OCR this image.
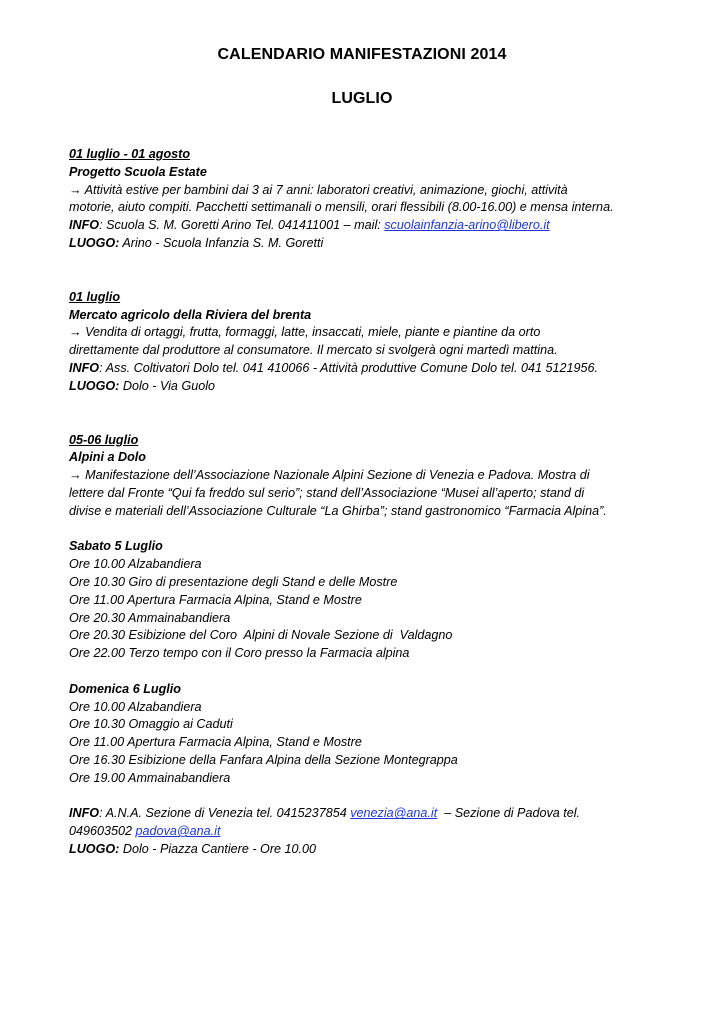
CALENDARIO MANIFESTAZIONI 2014
LUGLIO
01 luglio - 01 agosto
Progetto Scuola Estate
→ Attività estive per bambini dai 3 ai 7 anni: laboratori creativi, animazione, giochi, attività
motorie, aiuto compiti. Pacchetti settimanali o mensili, orari flessibili (8.00-16.00) e mensa interna.
INFO: Scuola S. M. Goretti Arino Tel. 041411001 – mail: scuolainfanzia-arino@libero.it
LUOGO: Arino - Scuola Infanzia S. M. Goretti
01 luglio
Mercato agricolo della Riviera del brenta
→ Vendita di ortaggi, frutta, formaggi, latte, insaccati, miele, piante e piantine da orto
direttamente dal produttore al consumatore. Il mercato si svolgerà ogni martedì mattina.
INFO: Ass. Coltivatori Dolo tel. 041 410066 - Attività produttive Comune Dolo tel. 041 5121956.
LUOGO: Dolo - Via Guolo
05-06 luglio
Alpini a Dolo
→ Manifestazione dell’Associazione Nazionale Alpini Sezione di Venezia e Padova. Mostra di
lettere dal Fronte “Qui fa freddo sul serio”; stand dell’Associazione “Musei all’aperto; stand di
divise e materiali dell’Associazione Culturale “La Ghirba”; stand gastronomico “Farmacia Alpina”.
Sabato 5 Luglio
Ore 10.00 Alzabandiera
Ore 10.30 Giro di presentazione degli Stand e delle Mostre
Ore 11.00 Apertura Farmacia Alpina, Stand e Mostre
Ore 20.30 Ammainabandiera
Ore 20.30 Esibizione del Coro  Alpini di Novale Sezione di  Valdagno
Ore 22.00 Terzo tempo con il Coro presso la Farmacia alpina
Domenica 6 Luglio
Ore 10.00 Alzabandiera
Ore 10.30 Omaggio ai Caduti
Ore 11.00 Apertura Farmacia Alpina, Stand e Mostre
Ore 16.30 Esibizione della Fanfara Alpina della Sezione Montegrappa
Ore 19.00 Ammainabandiera
INFO: A.N.A. Sezione di Venezia tel. 0415237854 venezia@ana.it  – Sezione di Padova tel.
049603502 padova@ana.it
LUOGO: Dolo - Piazza Cantiere - Ore 10.00
